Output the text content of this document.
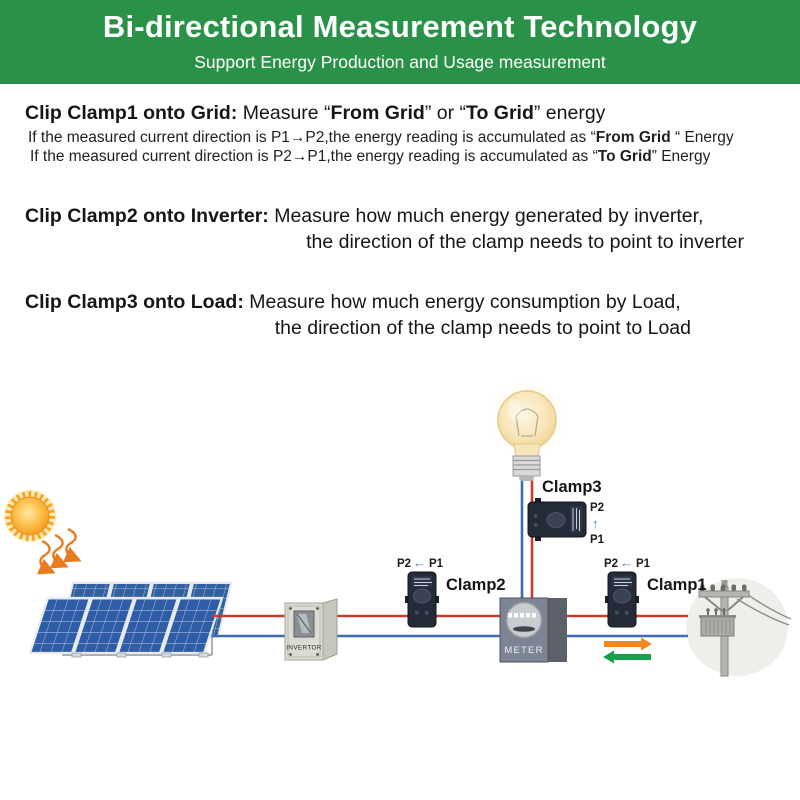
Bi-directional Measurement Technology
Support Energy Production and Usage measurement
Clip Clamp1 onto Grid: Measure “From Grid” or “To Grid” energy
If the measured current direction is P1→P2,the energy reading is accumulated as “From Grid “ Energy
If the measured current direction is P2→P1,the energy reading is accumulated as “To Grid” Energy
Clip Clamp2 onto Inverter: Measure how much energy generated by inverter,
the direction of the clamp needs to point to inverter
Clip Clamp3 onto Load: Measure how much energy consumption by Load,
the direction of the clamp needs to point to Load
INVERTOR	METER
Clamp2
Clamp3
Clamp1
P2 ← P1	P2 ← P1
P2
↑
P1
